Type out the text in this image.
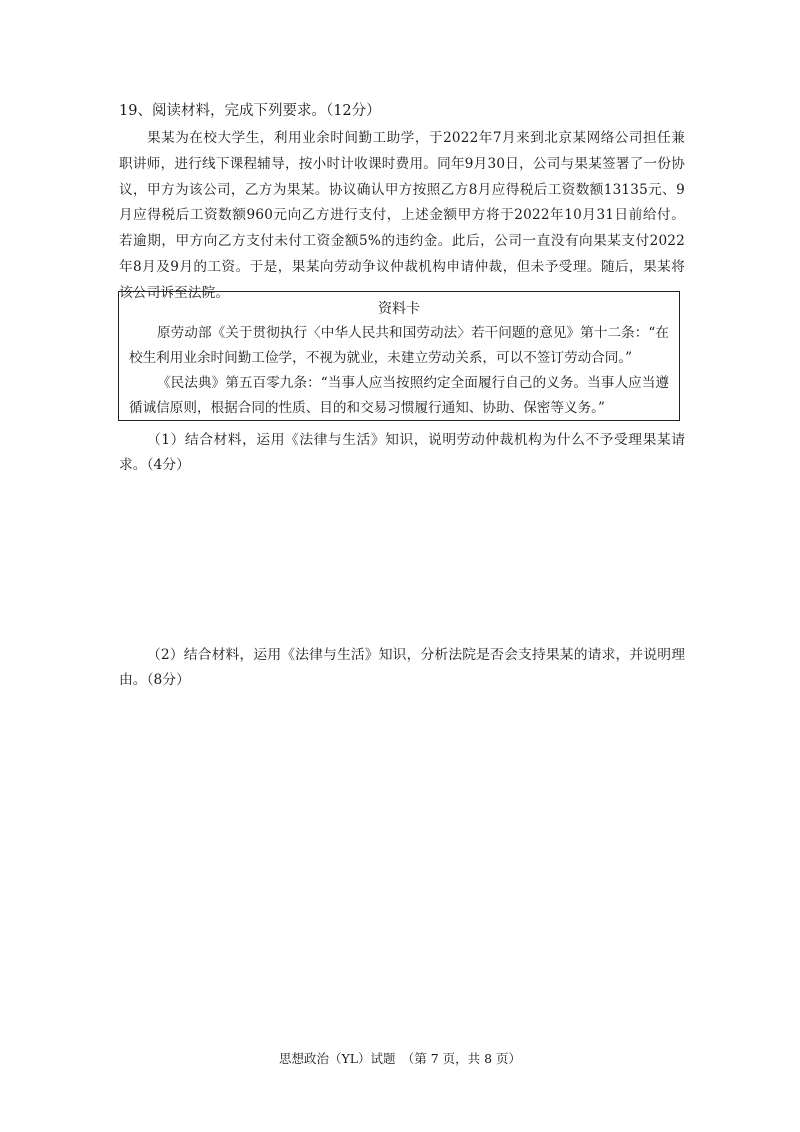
19、阅读材料，完成下列要求。（12分）

果某为在校大学生，利用业余时间勤工助学，于2022年7月来到北京某网络公司担任兼职讲师，进行线下课程辅导，按小时计收课时费用。同年9月30日，公司与果某签署了一份协议，甲方为该公司，乙方为果某。协议确认甲方按照乙方8月应得税后工资数额13135元、9月应得税后工资数额960元向乙方进行支付，上述金额甲方将于2022年10月31日前给付。若逾期，甲方向乙方支付未付工资金额5%的违约金。此后，公司一直没有向果某支付2022年8月及9月的工资。于是，果某向劳动争议仲裁机构申请仲裁，但未予受理。随后，果某将该公司诉至法院。

资料卡

原劳动部《关于贯彻执行〈中华人民共和国劳动法〉若干问题的意见》第十二条：“在校生利用业余时间勤工俭学，不视为就业，未建立劳动关系，可以不签订劳动合同。”

《民法典》第五百零九条：“当事人应当按照约定全面履行自己的义务。当事人应当遵循诚信原则，根据合同的性质、目的和交易习惯履行通知、协助、保密等义务。”

（1）结合材料，运用《法律与生活》知识，说明劳动仲裁机构为什么不予受理果某请求。（4分）

（2）结合材料，运用《法律与生活》知识，分析法院是否会支持果某的请求，并说明理由。（8分）

思想政治（YL）试题　（第 7 页，共 8 页）
